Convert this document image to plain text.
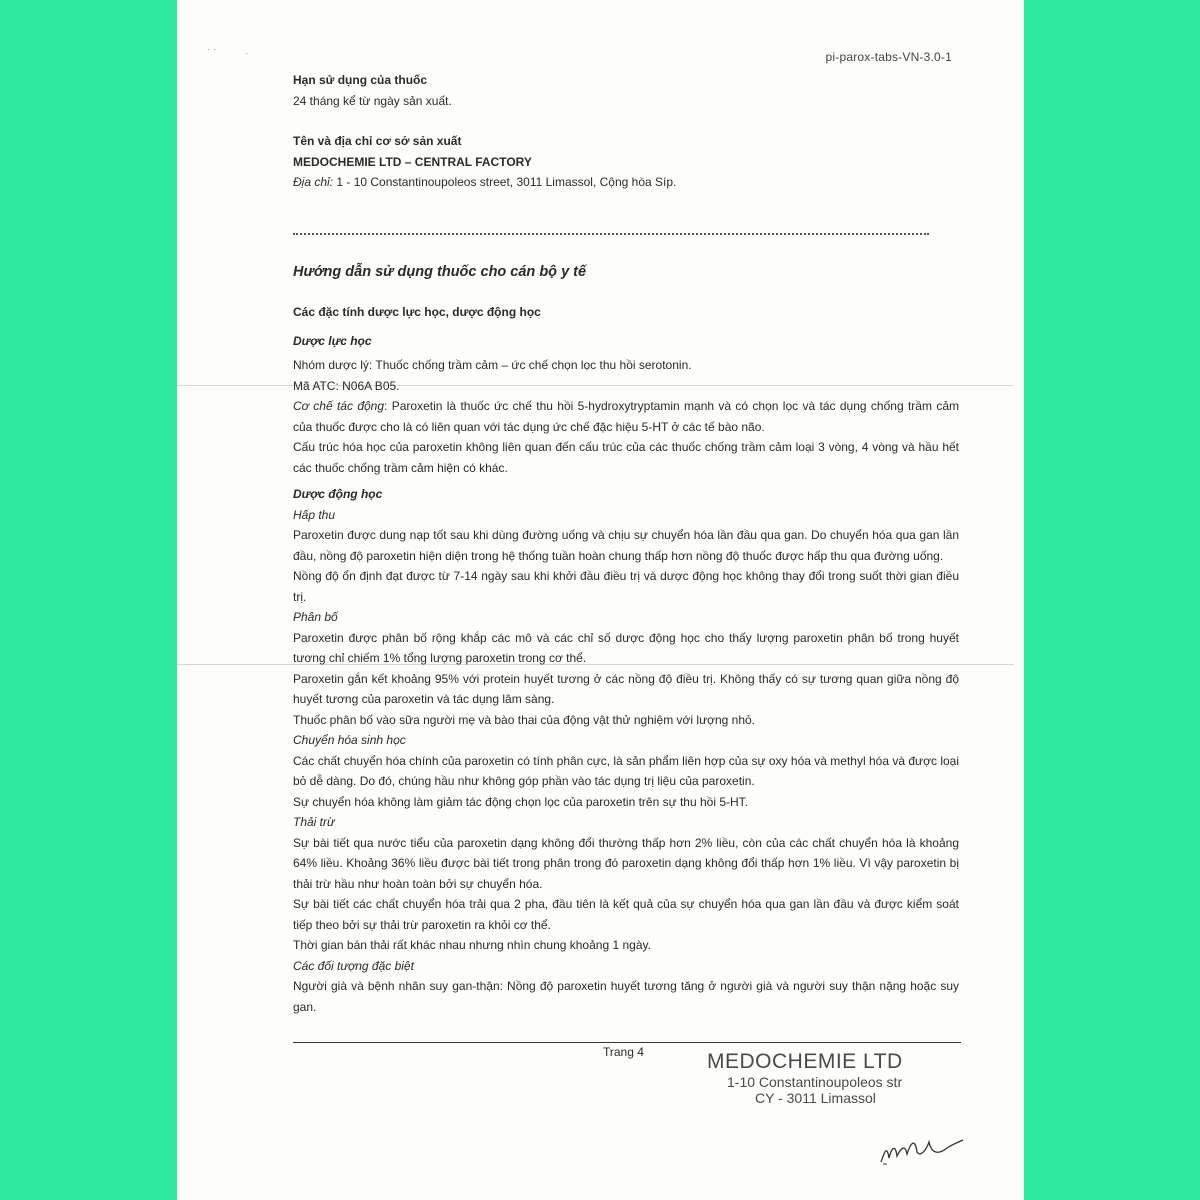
· ·	·	pi-parox-tabs-VN-3.0-1

Hạn sử dụng của thuốc

24 tháng kể từ ngày sản xuất.

Tên và địa chỉ cơ sở sản xuất

MEDOCHEMIE LTD – CENTRAL FACTORY

Địa chỉ: 1 - 10 Constantinoupoleos street, 3011 Limassol, Cộng hòa Síp.

Hướng dẫn sử dụng thuốc cho cán bộ y tế

Các đặc tính dược lực học, dược động học

Dược lực học

Nhóm dược lý: Thuốc chống trầm cảm – ức chế chọn lọc thu hồi serotonin.

Mã ATC: N06A B05.

Cơ chế tác động: Paroxetin là thuốc ức chế thu hồi 5-hydroxytryptamin mạnh và có chọn lọc và tác dụng chống trầm cảm của thuốc được cho là có liên quan với tác dụng ức chế đặc hiệu 5-HT ở các tế bào não.

Cấu trúc hóa học của paroxetin không liên quan đến cấu trúc của các thuốc chống trầm cảm loại 3 vòng, 4 vòng và hầu hết các thuốc chống trầm cảm hiện có khác.

Dược động học

Hấp thu

Paroxetin được dung nạp tốt sau khi dùng đường uống và chịu sự chuyển hóa lần đầu qua gan. Do chuyển hóa qua gan lần đầu, nồng độ paroxetin hiện diện trong hệ thống tuần hoàn chung thấp hơn nồng độ thuốc được hấp thu qua đường uống.

Nồng độ ổn định đạt được từ 7-14 ngày sau khi khởi đầu điều trị và dược động học không thay đổi trong suốt thời gian điều trị.

Phân bố

Paroxetin được phân bố rộng khắp các mô và các chỉ số dược động học cho thấy lượng paroxetin phân bố trong huyết tương chỉ chiếm 1% tổng lượng paroxetin trong cơ thể.

Paroxetin gắn kết khoảng 95% với protein huyết tương ở các nồng độ điều trị. Không thấy có sự tương quan giữa nồng độ huyết tương của paroxetin và tác dụng lâm sàng.

Thuốc phân bố vào sữa người mẹ và bào thai của động vật thử nghiệm với lượng nhỏ.

Chuyển hóa sinh học

Các chất chuyển hóa chính của paroxetin có tính phân cực, là sản phẩm liên hợp của sự oxy hóa và methyl hóa và được loại bỏ dễ dàng. Do đó, chúng hầu như không góp phần vào tác dụng trị liệu của paroxetin.

Sự chuyển hóa không làm giảm tác động chọn lọc của paroxetin trên sự thu hồi 5-HT.

Thải trừ

Sự bài tiết qua nước tiểu của paroxetin dạng không đổi thường thấp hơn 2% liều, còn của các chất chuyển hóa là khoảng 64% liều. Khoảng 36% liều được bài tiết trong phân trong đó paroxetin dạng không đổi thấp hơn 1% liều. Vì vậy paroxetin bị thải trừ hầu như hoàn toàn bởi sự chuyển hóa.

Sự bài tiết các chất chuyển hóa trải qua 2 pha, đầu tiên là kết quả của sự chuyển hóa qua gan lần đầu và được kiểm soát tiếp theo bởi sự thải trừ paroxetin ra khỏi cơ thể.

Thời gian bán thải rất khác nhau nhưng nhìn chung khoảng 1 ngày.

Các đối tượng đặc biệt

Người già và bệnh nhân suy gan-thận: Nồng độ paroxetin huyết tương tăng ở người già và người suy thận nặng hoặc suy gan.

Trang 4	MEDOCHEMIE LTD
1-10 Constantinoupoleos str
CY - 3011 Limassol
